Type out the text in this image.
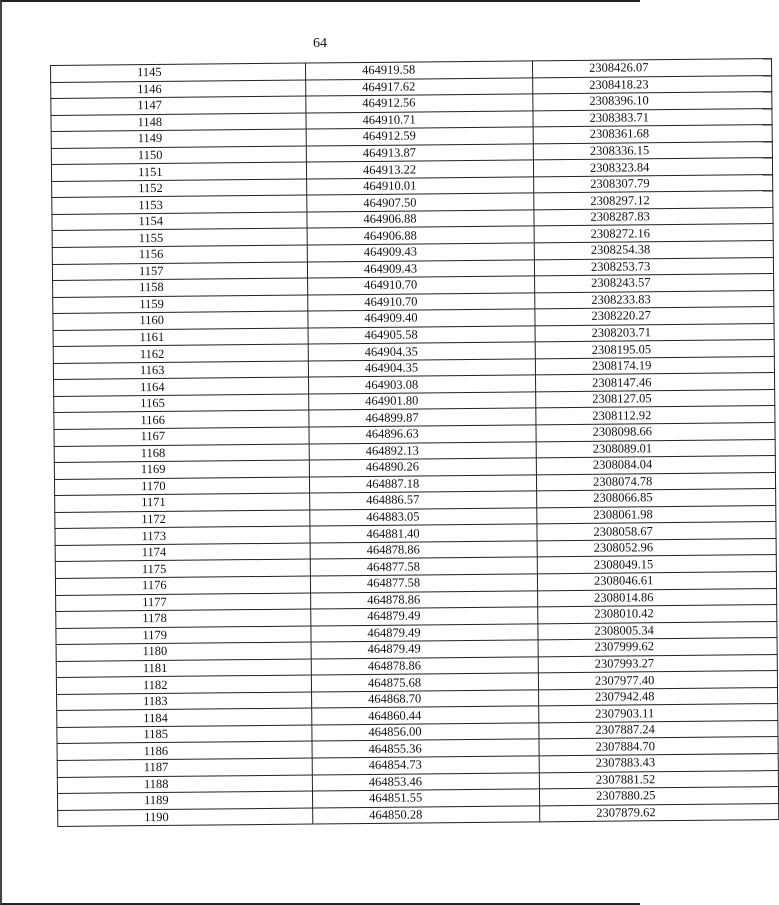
64
1145	464919.58	2308426.07
1146	464917.62	2308418.23
1147	464912.56	2308396.10
1148	464910.71	2308383.71
1149	464912.59	2308361.68
1150	464913.87	2308336.15
1151	464913.22	2308323.84
1152	464910.01	2308307.79
1153	464907.50	2308297.12
1154	464906.88	2308287.83
1155	464906.88	2308272.16
1156	464909.43	2308254.38
1157	464909.43	2308253.73
1158	464910.70	2308243.57
1159	464910.70	2308233.83
1160	464909.40	2308220.27
1161	464905.58	2308203.71
1162	464904.35	2308195.05
1163	464904.35	2308174.19
1164	464903.08	2308147.46
1165	464901.80	2308127.05
1166	464899.87	2308112.92
1167	464896.63	2308098.66
1168	464892.13	2308089.01
1169	464890.26	2308084.04
1170	464887.18	2308074.78
1171	464886.57	2308066.85
1172	464883.05	2308061.98
1173	464881.40	2308058.67
1174	464878.86	2308052.96
1175	464877.58	2308049.15
1176	464877.58	2308046.61
1177	464878.86	2308014.86
1178	464879.49	2308010.42
1179	464879.49	2308005.34
1180	464879.49	2307999.62
1181	464878.86	2307993.27
1182	464875.68	2307977.40
1183	464868.70	2307942.48
1184	464860.44	2307903.11
1185	464856.00	2307887.24
1186	464855.36	2307884.70
1187	464854.73	2307883.43
1188	464853.46	2307881.52
1189	464851.55	2307880.25
1190	464850.28	2307879.62
